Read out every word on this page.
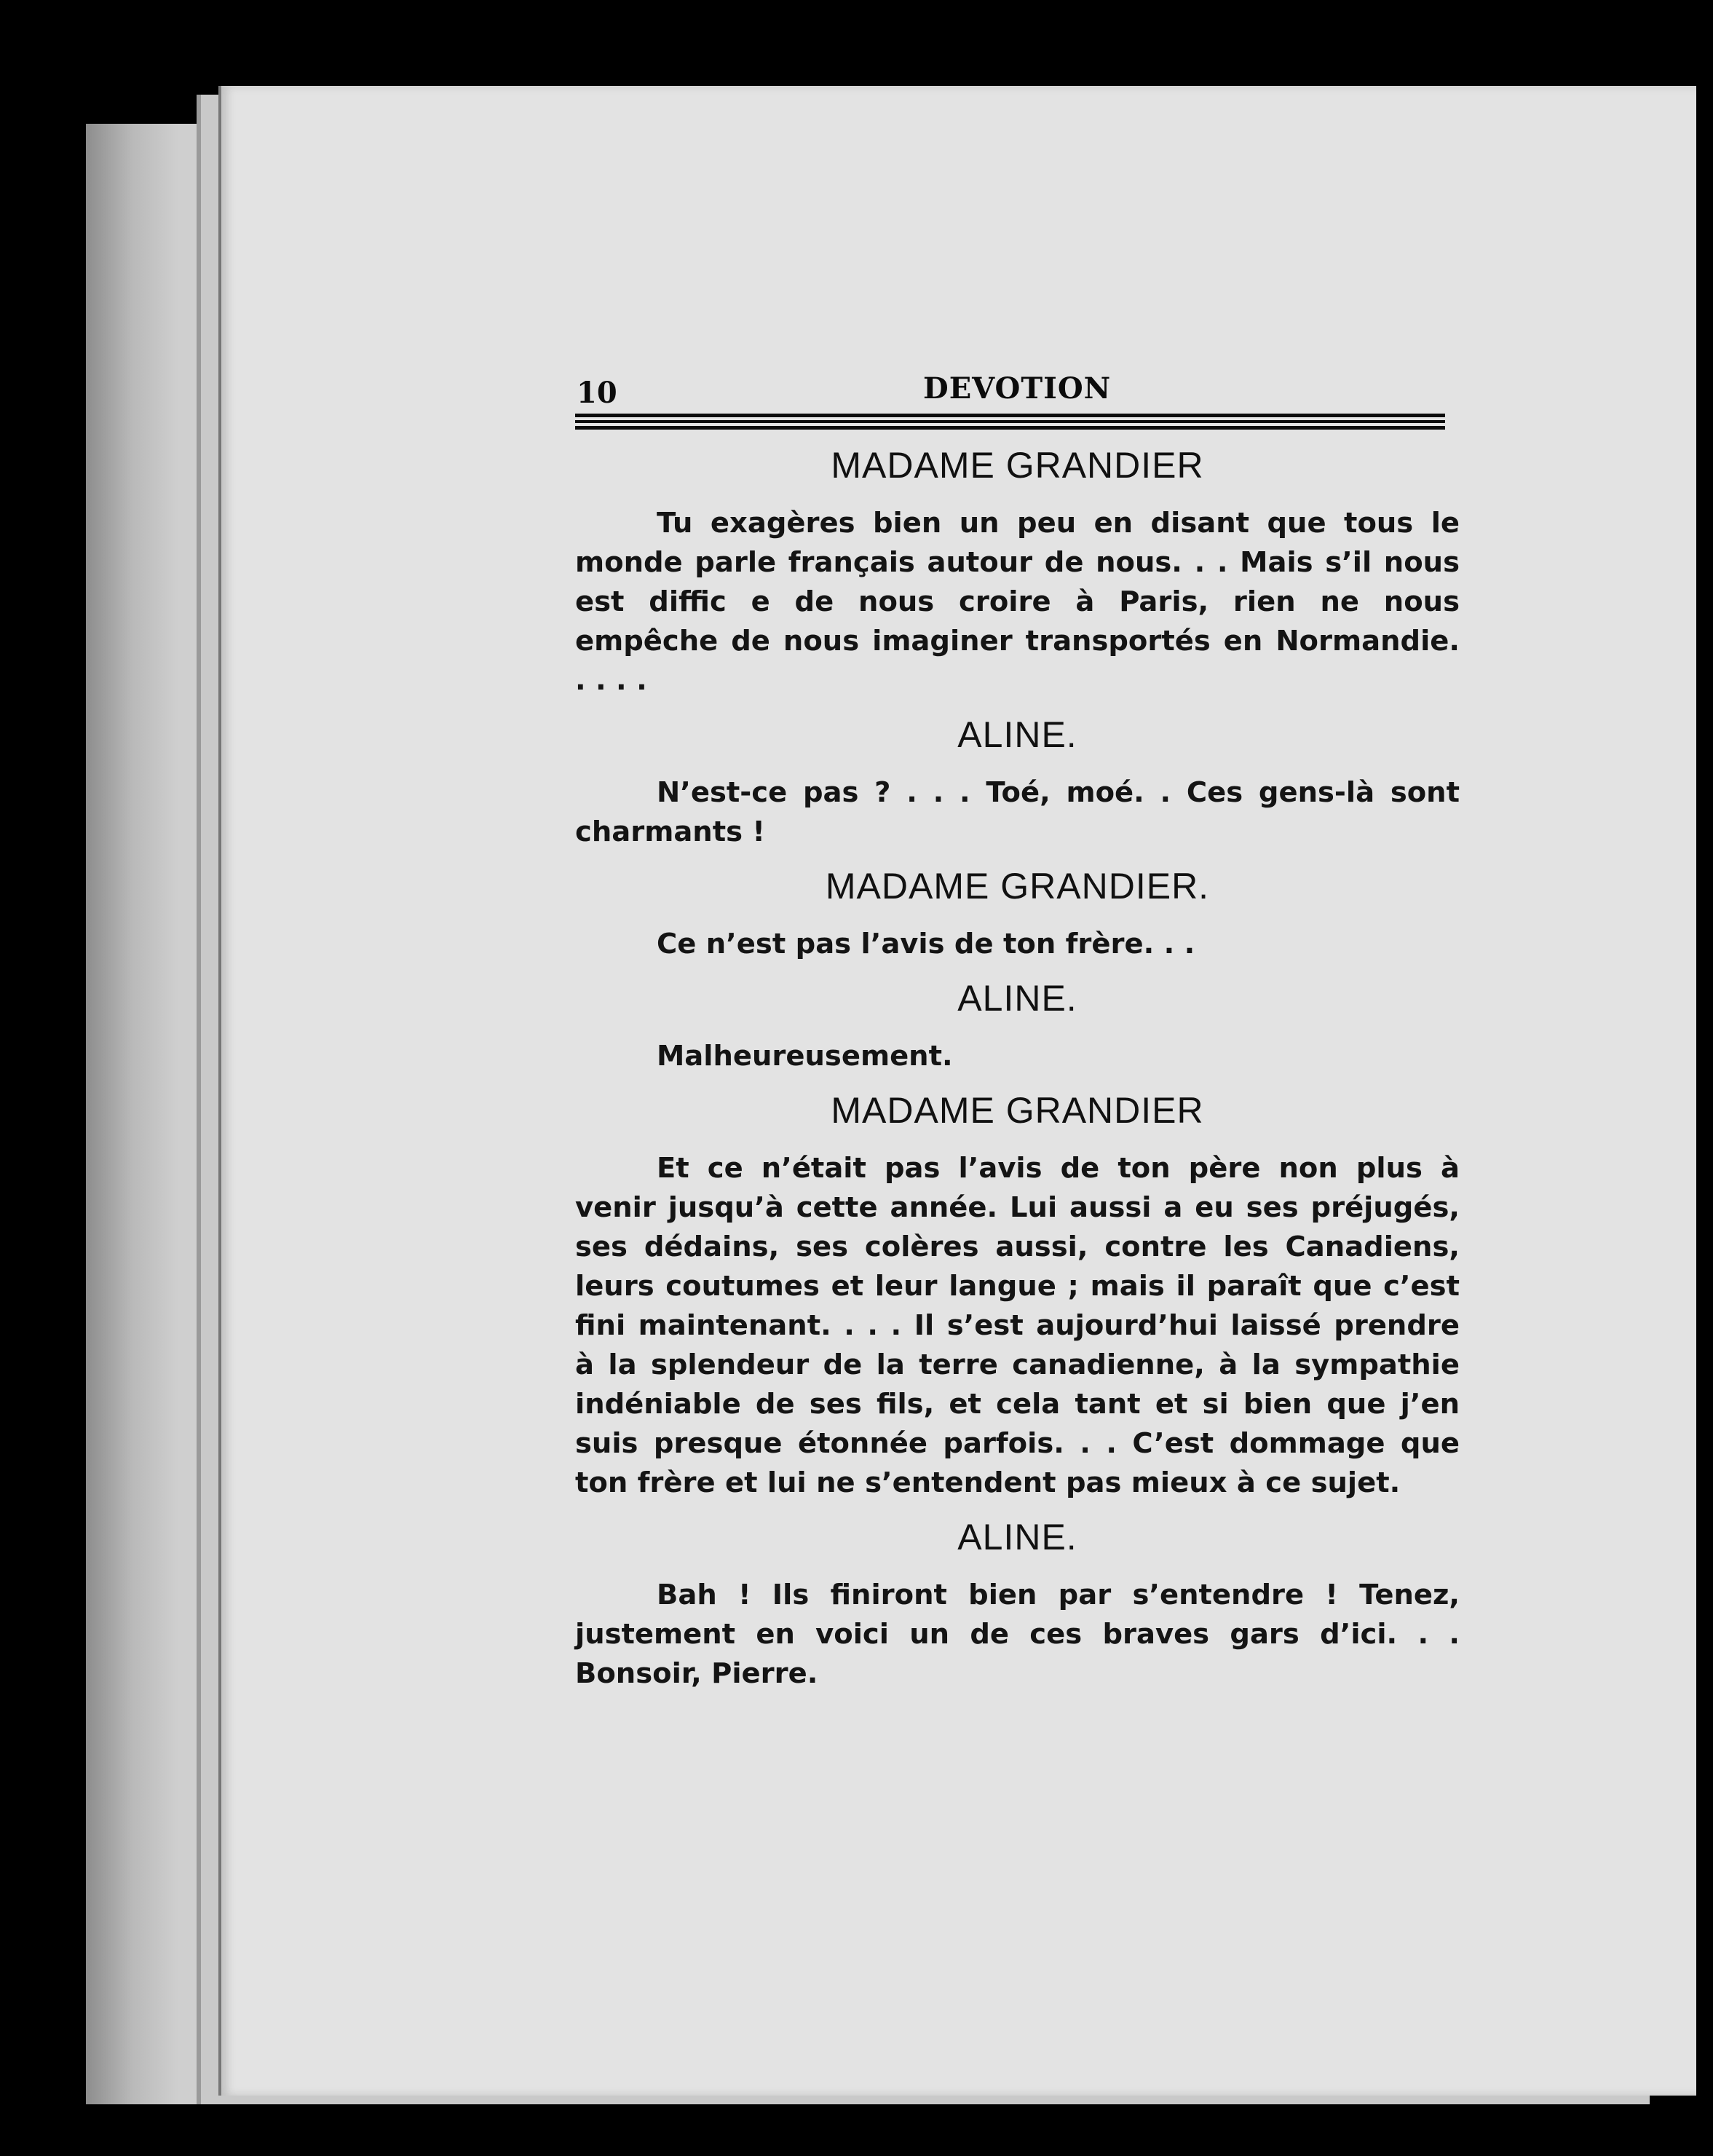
10	DEVOTION
MADAME GRANDIER

Tu exagères bien un peu en disant que tous le monde parle français autour de nous. . . Mais s’il nous est diffic e de nous croire à Paris, rien ne nous empêche de nous imaginer transportés en Normandie. . . . .

ALINE.

N’est-ce pas ? . . . Toé, moé. . Ces gens-là sont charmants !

MADAME GRANDIER.

Ce n’est pas l’avis de ton frère. . .

ALINE.

Malheureusement.

MADAME GRANDIER

Et ce n’était pas l’avis de ton père non plus à venir jusqu’à cette année. Lui aussi a eu ses préjugés, ses dédains, ses colères aussi, contre les Canadiens, leurs coutumes et leur langue ; mais il paraît que c’est fini maintenant. . . . Il s’est aujourd’hui laissé prendre à la splendeur de la terre canadienne, à la sympathie indéniable de ses fils, et cela tant et si bien que j’en suis presque étonnée parfois. . . C’est dommage que ton frère et lui ne s’entendent pas mieux à ce sujet.

ALINE.

Bah ! Ils finiront bien par s’entendre ! Tenez, justement en voici un de ces braves gars d’ici. . . Bonsoir, Pierre.
